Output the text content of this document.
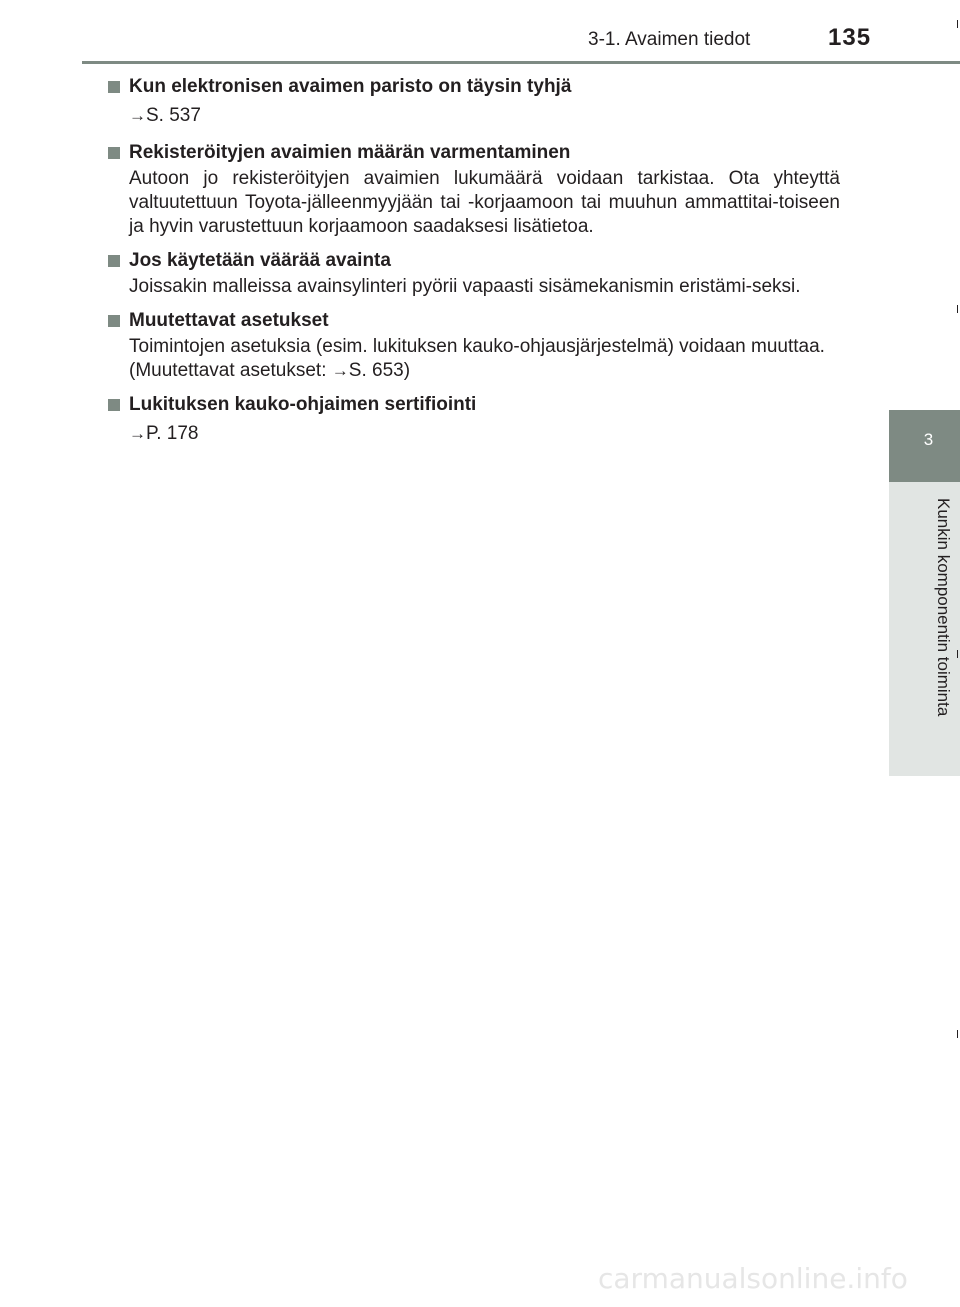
3-1. Avaimen tiedot	135
3
Kunkin komponentin toiminta
Kun elektronisen avaimen paristo on täysin tyhjä
→S. 537
Rekisteröityjen avaimien määrän varmentaminen
Autoon jo rekisteröityjen avaimien lukumäärä voidaan tarkistaa. Ota yhteyttä valtuutettuun Toyota-jälleenmyyjään tai -korjaamoon tai muuhun ammattitai-toiseen ja hyvin varustettuun korjaamoon saadaksesi lisätietoa.
Jos käytetään väärää avainta
Joissakin malleissa avainsylinteri pyörii vapaasti sisämekanismin eristämi-seksi.
Muutettavat asetukset
Toimintojen asetuksia (esim. lukituksen kauko-ohjausjärjestelmä) voidaan muuttaa.
(Muutettavat asetukset: →S. 653)
Lukituksen kauko-ohjaimen sertifiointi
→P. 178
carmanualsonline.info
